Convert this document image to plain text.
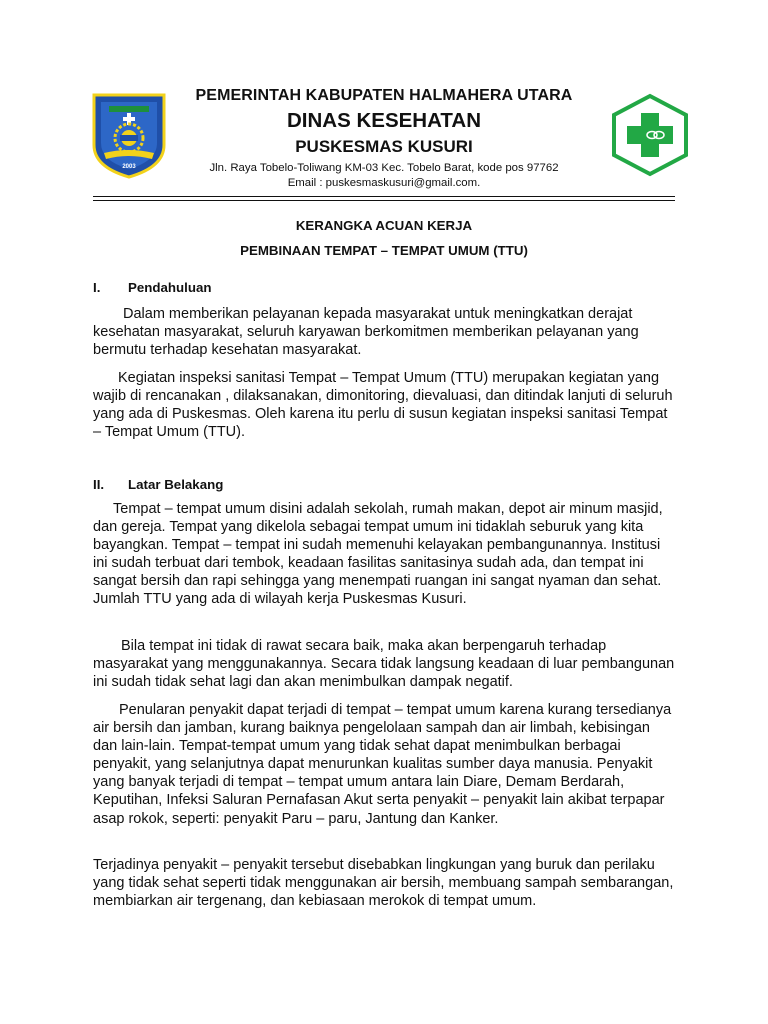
2003
PEMERINTAH KABUPATEN HALMAHERA UTARA
DINAS KESEHATAN
PUSKESMAS KUSURI
Jln. Raya Tobelo-Toliwang KM-03 Kec. Tobelo Barat, kode pos 97762
Email : puskesmaskusuri@gmail.com.
KERANGKA ACUAN KERJA
PEMBINAAN TEMPAT – TEMPAT UMUM (TTU)
I. Pendahuluan

Dalam memberikan pelayanan kepada masyarakat untuk meningkatkan derajat kesehatan masyarakat, seluruh karyawan berkomitmen memberikan pelayanan yang bermutu terhadap kesehatan masyarakat.

Kegiatan inspeksi sanitasi Tempat – Tempat Umum (TTU) merupakan kegiatan yang wajib di rencanakan , dilaksanakan, dimonitoring, dievaluasi, dan ditindak lanjuti di seluruh yang ada di Puskesmas. Oleh karena itu perlu di susun kegiatan inspeksi sanitasi Tempat – Tempat Umum (TTU).

II. Latar Belakang

Tempat – tempat umum disini adalah sekolah, rumah makan, depot air minum masjid, dan gereja. Tempat yang dikelola sebagai tempat umum ini tidaklah seburuk yang kita bayangkan. Tempat – tempat ini sudah memenuhi kelayakan pembangunannya. Institusi ini sudah terbuat dari tembok, keadaan fasilitas sanitasinya sudah ada, dan tempat ini sangat bersih dan rapi sehingga yang menempati ruangan ini sangat nyaman dan sehat. Jumlah TTU yang ada di wilayah kerja Puskesmas Kusuri.

Bila tempat ini tidak di rawat secara baik, maka akan berpengaruh terhadap masyarakat yang menggunakannya. Secara tidak langsung keadaan di luar pembangunan ini sudah tidak sehat lagi dan akan menimbulkan dampak negatif.

Penularan penyakit dapat terjadi di tempat – tempat umum karena kurang tersedianya air bersih dan jamban, kurang baiknya pengelolaan sampah dan air limbah, kebisingan dan lain-lain. Tempat-tempat umum yang tidak sehat dapat menimbulkan berbagai penyakit, yang selanjutnya dapat menurunkan kualitas sumber daya manusia. Penyakit yang banyak terjadi di tempat – tempat umum antara lain Diare, Demam Berdarah, Keputihan, Infeksi Saluran Pernafasan Akut serta penyakit – penyakit lain akibat terpapar asap rokok, seperti: penyakit Paru – paru, Jantung dan Kanker.

Terjadinya penyakit – penyakit tersebut disebabkan lingkungan yang buruk dan perilaku yang tidak sehat seperti tidak menggunakan air bersih, membuang sampah sembarangan, membiarkan air tergenang, dan kebiasaan merokok di tempat umum.
